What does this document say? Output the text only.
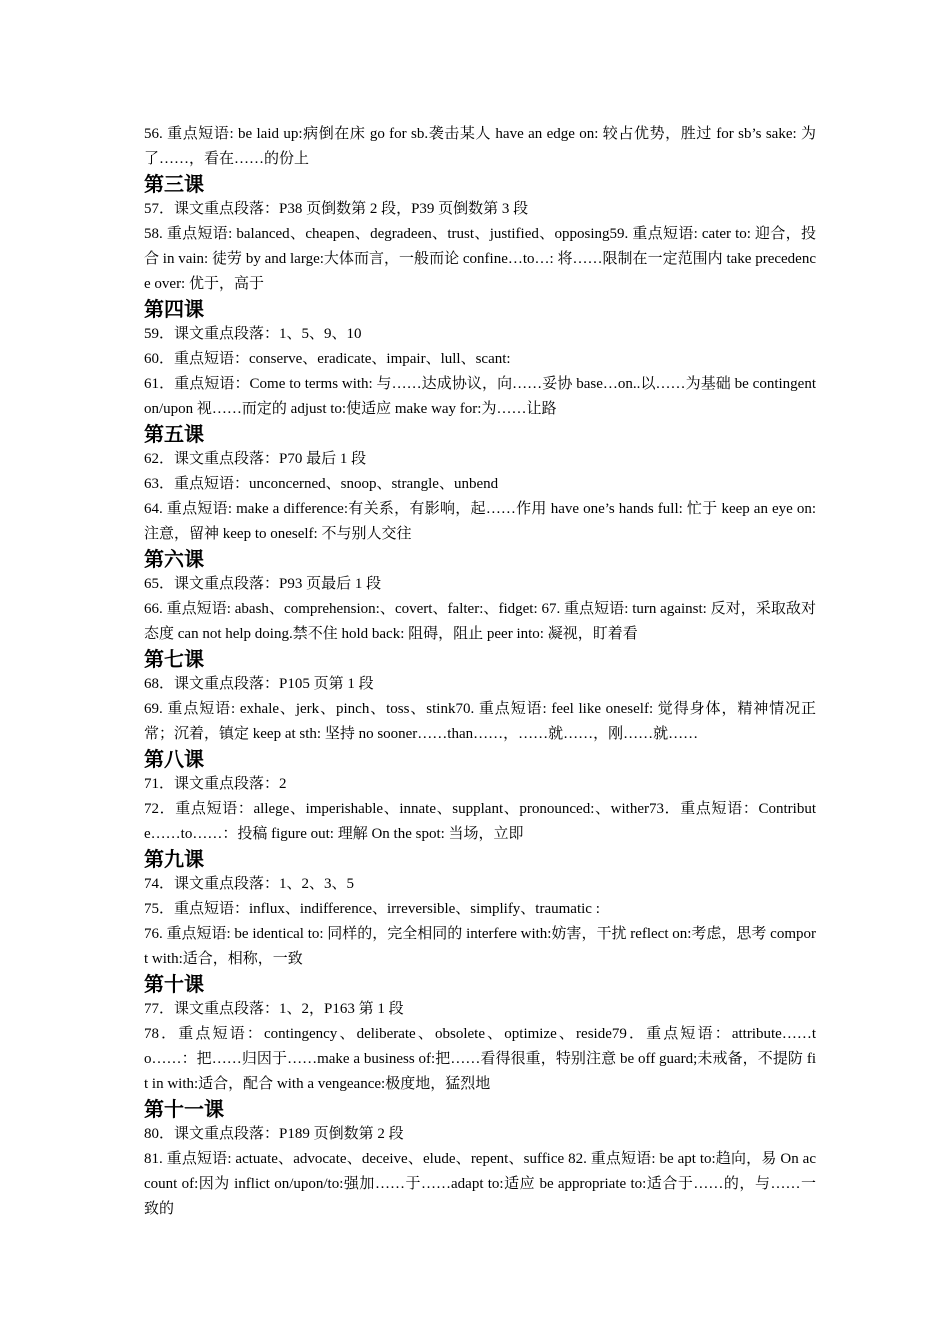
56. 重点短语: be laid up:病倒在床 go for sb.袭击某人 have an edge on: 较占优势，胜过 for sb’s sake: 为了……，看在……的份上

第三课

57．课文重点段落：P38 页倒数第 2 段，P39 页倒数第 3 段

58. 重点短语: balanced、cheapen、degradeen、trust、justified、opposing59. 重点短语: cater to: 迎合，投合 in vain: 徒劳 by and large:大体而言，一般而论 confine…to…: 将……限制在一定范围内 take precedence over: 优于，高于

第四课

59．课文重点段落：1、5、9、10

60．重点短语：conserve、eradicate、impair、lull、scant:

61．重点短语：Come to terms with: 与……达成协议，向……妥协 base…on..以……为基础 be contingent on/upon 视……而定的 adjust to:使适应 make way for:为……让路

第五课

62．课文重点段落：P70 最后 1 段

63．重点短语：unconcerned、snoop、strangle、unbend

64. 重点短语: make a difference:有关系，有影响，起……作用 have one’s hands full: 忙于 keep an eye on:注意，留神 keep to oneself: 不与别人交往

第六课

65．课文重点段落：P93 页最后 1 段

66. 重点短语: abash、comprehension:、covert、falter:、fidget: 67. 重点短语: turn against: 反对，采取敌对态度 can not help doing.禁不住 hold back: 阻碍，阻止 peer into: 凝视，盯着看

第七课

68．课文重点段落：P105 页第 1 段

69. 重点短语: exhale、jerk、pinch、toss、stink70. 重点短语: feel like oneself: 觉得身体，精神情况正常；沉着，镇定 keep at sth: 坚持 no sooner……than……，……就……，刚……就……

第八课

71．课文重点段落：2

72．重点短语：allege、imperishable、innate、supplant、pronounced:、wither73．重点短语：Contribute……to……：投稿 figure out: 理解 On the spot: 当场，立即

第九课

74．课文重点段落：1、2、3、5

75．重点短语：influx、indifference、irreversible、simplify、traumatic :

76. 重点短语: be identical to: 同样的，完全相同的 interfere with:妨害，干扰 reflect on:考虑，思考 comport with:适合，相称，一致

第十课

77．课文重点段落：1、2，P163 第 1 段

78．重点短语：contingency、deliberate、obsolete、optimize、reside79．重点短语：attribute……to……：把……归因于……make a business of:把……看得很重，特别注意 be off guard;未戒备，不提防 fit in with:适合，配合 with a vengeance:极度地，猛烈地

第十一课

80．课文重点段落：P189 页倒数第 2 段

81. 重点短语: actuate、advocate、deceive、elude、repent、suffice 82. 重点短语: be apt to:趋向，易 On account of:因为 inflict on/upon/to:强加……于……adapt to:适应 be appropriate to:适合于……的，与……一致的
